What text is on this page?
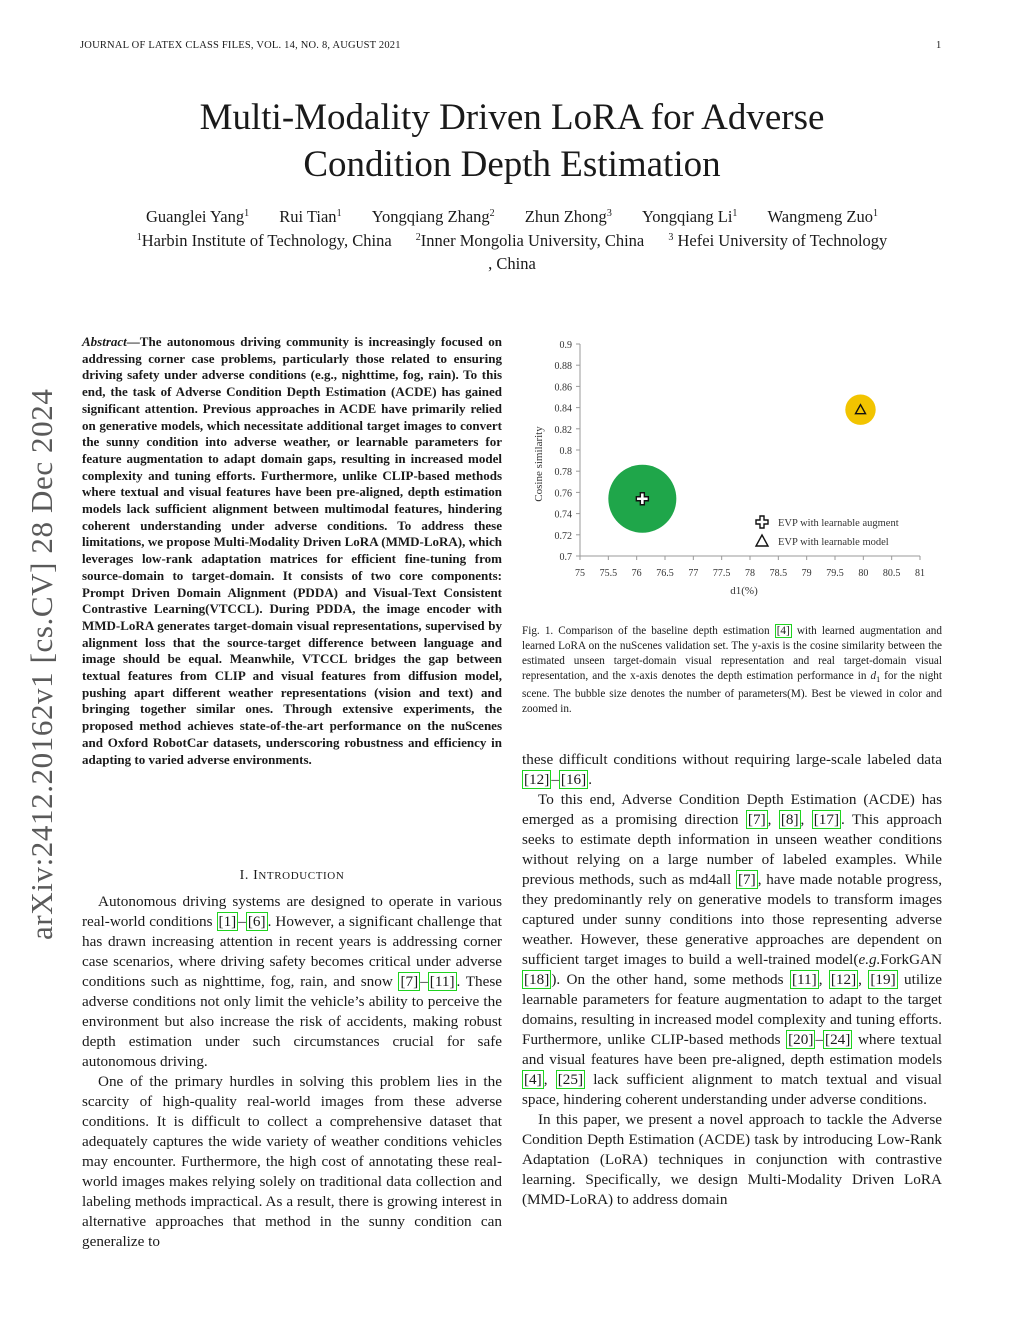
JOURNAL OF LATEX CLASS FILES, VOL. 14, NO. 8, AUGUST 2021	1
Multi-Modality Driven LoRA for Adverse
Condition Depth Estimation
Guanglei Yang$^1$ Rui Tian$^1$ Yongqiang Zhang$^2$ Zhun Zhong$^3$ Yongqiang Li$^1$ Wangmeng Zuo$^1$
$^1$Harbin Institute of Technology, China $^2$Inner Mongolia University, China $^3$ Hefei University of Technology
, China
arXiv:2412.20162v1 [cs.CV] 28 Dec 2024
Abstract—The autonomous driving community is increasingly focused on addressing corner case problems, particularly those related to ensuring driving safety under adverse conditions (e.g., nighttime, fog, rain). To this end, the task of Adverse Condition Depth Estimation (ACDE) has gained significant attention. Previous approaches in ACDE have primarily relied on generative models, which necessitate additional target images to convert the sunny condition into adverse weather, or learnable parameters for feature augmentation to adapt domain gaps, resulting in increased model complexity and tuning efforts. Furthermore, unlike CLIP-based methods where textual and visual features have been pre-aligned, depth estimation models lack sufficient alignment between multimodal features, hindering coherent understanding under adverse conditions. To address these limitations, we propose Multi-Modality Driven LoRA (MMD-LoRA), which leverages low-rank adaptation matrices for efficient fine-tuning from source-domain to target-domain. It consists of two core components: Prompt Driven Domain Alignment (PDDA) and Visual-Text Consistent Contrastive Learning(VTCCL). During PDDA, the image encoder with MMD-LoRA generates target-domain visual representations, supervised by alignment loss that the source-target difference between language and image should be equal. Meanwhile, VTCCL bridges the gap between textual features from CLIP and visual features from diffusion model, pushing apart different weather representations (vision and text) and bringing together similar ones. Through extensive experiments, the proposed method achieves state-of-the-art performance on the nuScenes and Oxford RobotCar datasets, underscoring robustness and efficiency in adapting to varied adverse environments.
I. INTRODUCTION

Autonomous driving systems are designed to operate in various real-world conditions [1] – [6] . However, a significant challenge that has drawn increasing attention in recent years is addressing corner case scenarios, where driving safety becomes critical under adverse conditions such as nighttime, fog, rain, and snow [7] – [11] . These adverse conditions not only limit the vehicle’s ability to perceive the environment but also increase the risk of accidents, making robust depth estimation under such circumstances crucial for safe autonomous driving.

One of the primary hurdles in solving this problem lies in the scarcity of high-quality real-world images from these adverse conditions. It is difficult to collect a comprehensive dataset that adequately captures the wide variety of weather conditions vehicles may encounter. Furthermore, the high cost of annotating these real-world images makes relying solely on traditional data collection and labeling methods impractical. As a result, there is growing interest in alternative approaches that method in the sunny condition can generalize to

0.7
0.72
0.74
0.76
0.78
0.8
0.82
0.84
0.86
0.88
0.9
75 75.5 76 76.5 77 77.5 78 78.5 79 79.5 80 80.5 81
d1(%)
Cosine similarity
EVP with learnable augment
EVP with learnable model
Fig. 1. Comparison of the baseline depth estimation [4] with learned augmentation and learned LoRA on the nuScenes validation set. The y-axis is the cosine similarity between the estimated unseen target-domain visual representation and real target-domain visual representation, and the x-axis denotes the depth estimation performance in $d_1$ for the night scene. The bubble size denotes the number of parameters(M). Best be viewed in color and zoomed in.

these difficult conditions without requiring large-scale labeled data [12] – [16] .

To this end, Adverse Condition Depth Estimation (ACDE) has emerged as a promising direction [7] , [8] , [17] . This approach seeks to estimate depth information in unseen weather conditions without relying on a large number of labeled examples. While previous methods, such as md4all [7] , have made notable progress, they predominantly rely on generative models to transform images captured under sunny conditions into those representing adverse weather. However, these generative approaches are dependent on sufficient target images to build a well-trained model(e.g.ForkGAN [18] ). On the other hand, some methods [11] , [12] , [19] utilize learnable parameters for feature augmentation to adapt to the target domains, resulting in increased model complexity and tuning efforts. Furthermore, unlike CLIP-based methods [20] – [24] where textual and visual features have been pre-aligned, depth estimation models [4] , [25] lack sufficient alignment to match textual and visual space, hindering coherent understanding under adverse conditions.

In this paper, we present a novel approach to tackle the Adverse Condition Depth Estimation (ACDE) task by introducing Low-Rank Adaptation (LoRA) techniques in conjunction with contrastive learning. Specifically, we design Multi-Modality Driven LoRA (MMD-LoRA) to address domain
